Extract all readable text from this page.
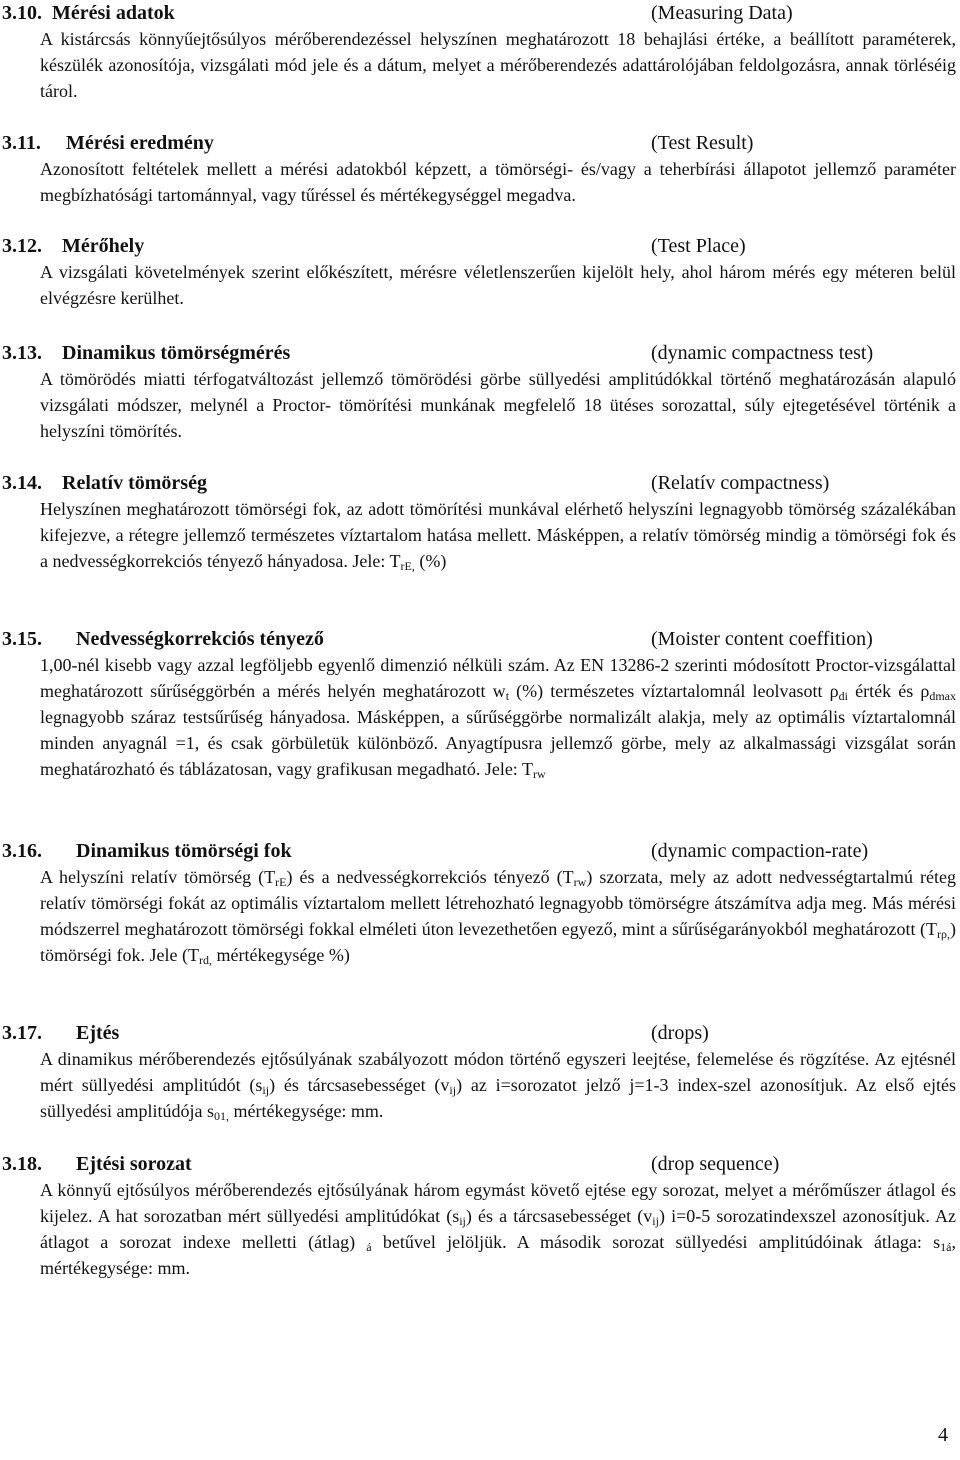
3.10. Mérési adatok	(Measuring Data)
A kistárcsás könnyűejtősúlyos mérőberendezéssel helyszínen meghatározott 18 behajlási értéke, a beállított paraméterek, készülék azonosítója, vizsgálati mód jele és a dátum, melyet a mérőberendezés adattárolójában feldolgozásra, annak törléséig tárol.
3.11. Mérési eredmény	(Test Result)
Azonosított feltételek mellett a mérési adatokból képzett, a tömörségi- és/vagy a teherbírási állapotot jellemző paraméter megbízhatósági tartománnyal, vagy tűréssel és mértékegységgel megadva.
3.12. Mérőhely	(Test Place)
A vizsgálati követelmények szerint előkészített, mérésre véletlenszerűen kijelölt hely, ahol három mérés egy méteren belül elvégzésre kerülhet.
3.13. Dinamikus tömörségmérés	(dynamic compactness test)
A tömörödés miatti térfogatváltozást jellemző tömörödési görbe süllyedési amplitúdókkal történő meghatározásán alapuló vizsgálati módszer, melynél a Proctor- tömörítési munkának megfelelő 18 ütéses sorozattal, súly ejtegetésével történik a helyszíni tömörítés.
3.14. Relatív tömörség	(Relatív compactness)
Helyszínen meghatározott tömörségi fok, az adott tömörítési munkával elérhető helyszíni legnagyobb tömörség százalékában kifejezve, a rétegre jellemző természetes víztartalom hatása mellett. Másképpen, a relatív tömörség mindig a tömörségi fok és a nedvességkorrekciós tényező hányadosa. Jele: $T_{rE,}$ (%)
3.15. Nedvességkorrekciós tényező	(Moister content coeffition)
1,00-nél kisebb vagy azzal legföljebb egyenlő dimenzió nélküli szám. Az EN 13286-2 szerinti módosított Proctor-vizsgálattal meghatározott sűrűséggörbén a mérés helyén meghatározott $w_t$ (%) természetes víztartalomnál leolvasott $\rho_{di}$ érték és $\rho_{dmax}$ legnagyobb száraz testsűrűség hányadosa. Másképpen, a sűrűséggörbe normalizált alakja, mely az optimális víztartalomnál minden anyagnál =1, és csak görbületük különböző. Anyagtípusra jellemző görbe, mely az alkalmassági vizsgálat során meghatározható és táblázatosan, vagy grafikusan megadható. Jele: $T_{rw}$
3.16. Dinamikus tömörségi fok	(dynamic compaction-rate)
A helyszíni relatív tömörség $(T_{rE})$ és a nedvességkorrekciós tényező $(T_{rw})$ szorzata, mely az adott nedvességtartalmú réteg relatív tömörségi fokát az optimális víztartalom mellett létrehozható legnagyobb tömörségre átszámítva adja meg. Más mérési módszerrel meghatározott tömörségi fokkal elméleti úton levezethetően egyező, mint a sűrűségarányokból meghatározott $(T_{r\rho,})$ tömörségi fok. Jele ($T_{rd,}$ mértékegysége %)
3.17. Ejtés	(drops)
A dinamikus mérőberendezés ejtősúlyának szabályozott módon történő egyszeri leejtése, felemelése és rögzítése. Az ejtésnél mért süllyedési amplitúdót $(s_{ij})$ és tárcsasebességet $(v_{ij})$ az i=sorozatot jelző j=1-3 index-szel azonosítjuk. Az első ejtés süllyedési amplitúdója $s_{01,}$ mértékegysége: mm.
3.18. Ejtési sorozat	(drop sequence)
A könnyű ejtősúlyos mérőberendezés ejtősúlyának három egymást követő ejtése egy sorozat, melyet a mérőműszer átlagol és kijelez. A hat sorozatban mért süllyedési amplitúdókat $(s_{ij})$ és a tárcsasebességet $(v_{ij})$ i=0-5 sorozatindexszel azonosítjuk. Az átlagot a sorozat indexe melletti (átlag) $_á$ betűvel jelöljük. A második sorozat süllyedési amplitúdóinak átlaga: $s_{1á}$, mértékegysége: mm.
4
